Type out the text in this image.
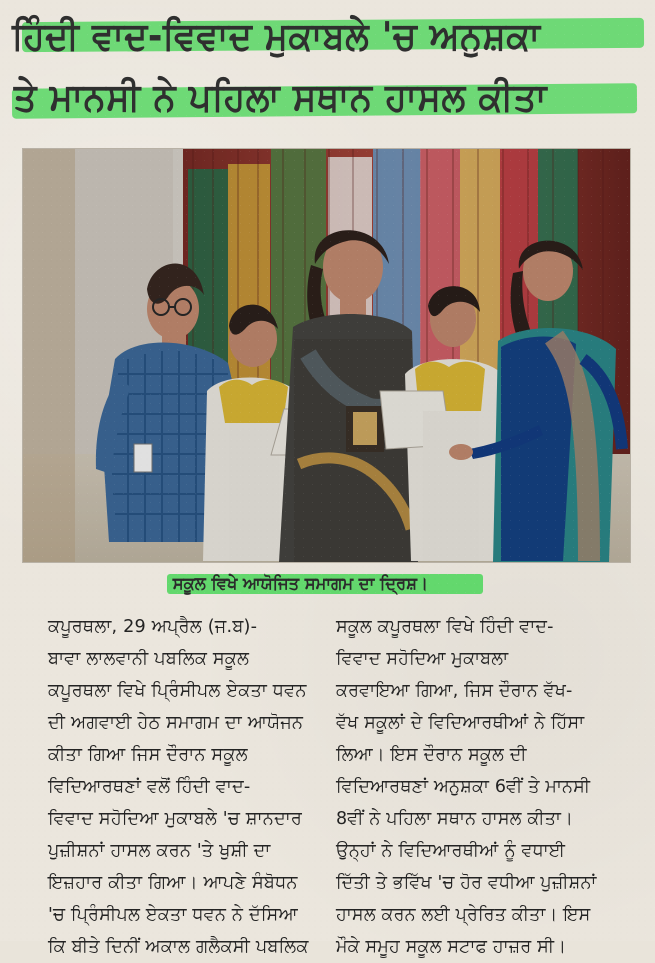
ਹਿੰਦੀ ਵਾਦ-ਵਿਵਾਦ ਮੁਕਾਬਲੇ 'ਚ ਅਨੁਸ਼ਕਾ
ਤੇ ਮਾਨਸੀ ਨੇ ਪਹਿਲਾ ਸਥਾਨ ਹਾਸਲ ਕੀਤਾ
ਸਕੂਲ ਵਿਖੇ ਆਯੋਜਿਤ ਸਮਾਗਮ ਦਾ ਦ੍ਰਿਸ਼।
ਕਪੂਰਥਲਾ, 29 ਅਪ੍ਰੈਲ (ਜ.ਬ)-
ਬਾਵਾ ਲਾਲਵਾਨੀ ਪਬਲਿਕ ਸਕੂਲ
ਕਪੂਰਥਲਾ ਵਿਖੇ ਪ੍ਰਿੰਸੀਪਲ ਏਕਤਾ ਧਵਨ
ਦੀ ਅਗਵਾਈ ਹੇਠ ਸਮਾਗਮ ਦਾ ਆਯੋਜਨ
ਕੀਤਾ ਗਿਆ ਜਿਸ ਦੌਰਾਨ ਸਕੂਲ
ਵਿਦਿਆਰਥਣਾਂ ਵਲੋਂ ਹਿੰਦੀ ਵਾਦ-
ਵਿਵਾਦ ਸਹੋਦਿਆ ਮੁਕਾਬਲੇ 'ਚ ਸ਼ਾਨਦਾਰ
ਪੁਜ਼ੀਸ਼ਨਾਂ ਹਾਸਲ ਕਰਨ 'ਤੇ ਖੁਸ਼ੀ ਦਾ
ਇਜ਼ਹਾਰ ਕੀਤਾ ਗਿਆ। ਆਪਣੇ ਸੰਬੋਧਨ
'ਚ ਪ੍ਰਿੰਸੀਪਲ ਏਕਤਾ ਧਵਨ ਨੇ ਦੱਸਿਆ
ਕਿ ਬੀਤੇ ਦਿਨੀਂ ਅਕਾਲ ਗਲੈਕਸੀ ਪਬਲਿਕ
ਸਕੂਲ ਕਪੂਰਥਲਾ ਵਿਖੇ ਹਿੰਦੀ ਵਾਦ-
ਵਿਵਾਦ ਸਹੋਦਿਆ ਮੁਕਾਬਲਾ
ਕਰਵਾਇਆ ਗਿਆ, ਜਿਸ ਦੌਰਾਨ ਵੱਖ-
ਵੱਖ ਸਕੂਲਾਂ ਦੇ ਵਿਦਿਆਰਥੀਆਂ ਨੇ ਹਿੱਸਾ
ਲਿਆ। ਇਸ ਦੌਰਾਨ ਸਕੂਲ ਦੀ
ਵਿਦਿਆਰਥਣਾਂ ਅਨੁਸ਼ਕਾ 6ਵੀਂ ਤੇ ਮਾਨਸੀ
8ਵੀਂ ਨੇ ਪਹਿਲਾ ਸਥਾਨ ਹਾਸਲ ਕੀਤਾ।
ਉਨ੍ਹਾਂ ਨੇ ਵਿਦਿਆਰਥੀਆਂ ਨੂੰ ਵਧਾਈ
ਦਿੱਤੀ ਤੇ ਭਵਿੱਖ 'ਚ ਹੋਰ ਵਧੀਆ ਪੁਜ਼ੀਸ਼ਨਾਂ
ਹਾਸਲ ਕਰਨ ਲਈ ਪ੍ਰੇਰਿਤ ਕੀਤਾ। ਇਸ
ਮੌਕੇ ਸਮੂਹ ਸਕੂਲ ਸਟਾਫ ਹਾਜ਼ਰ ਸੀ।
